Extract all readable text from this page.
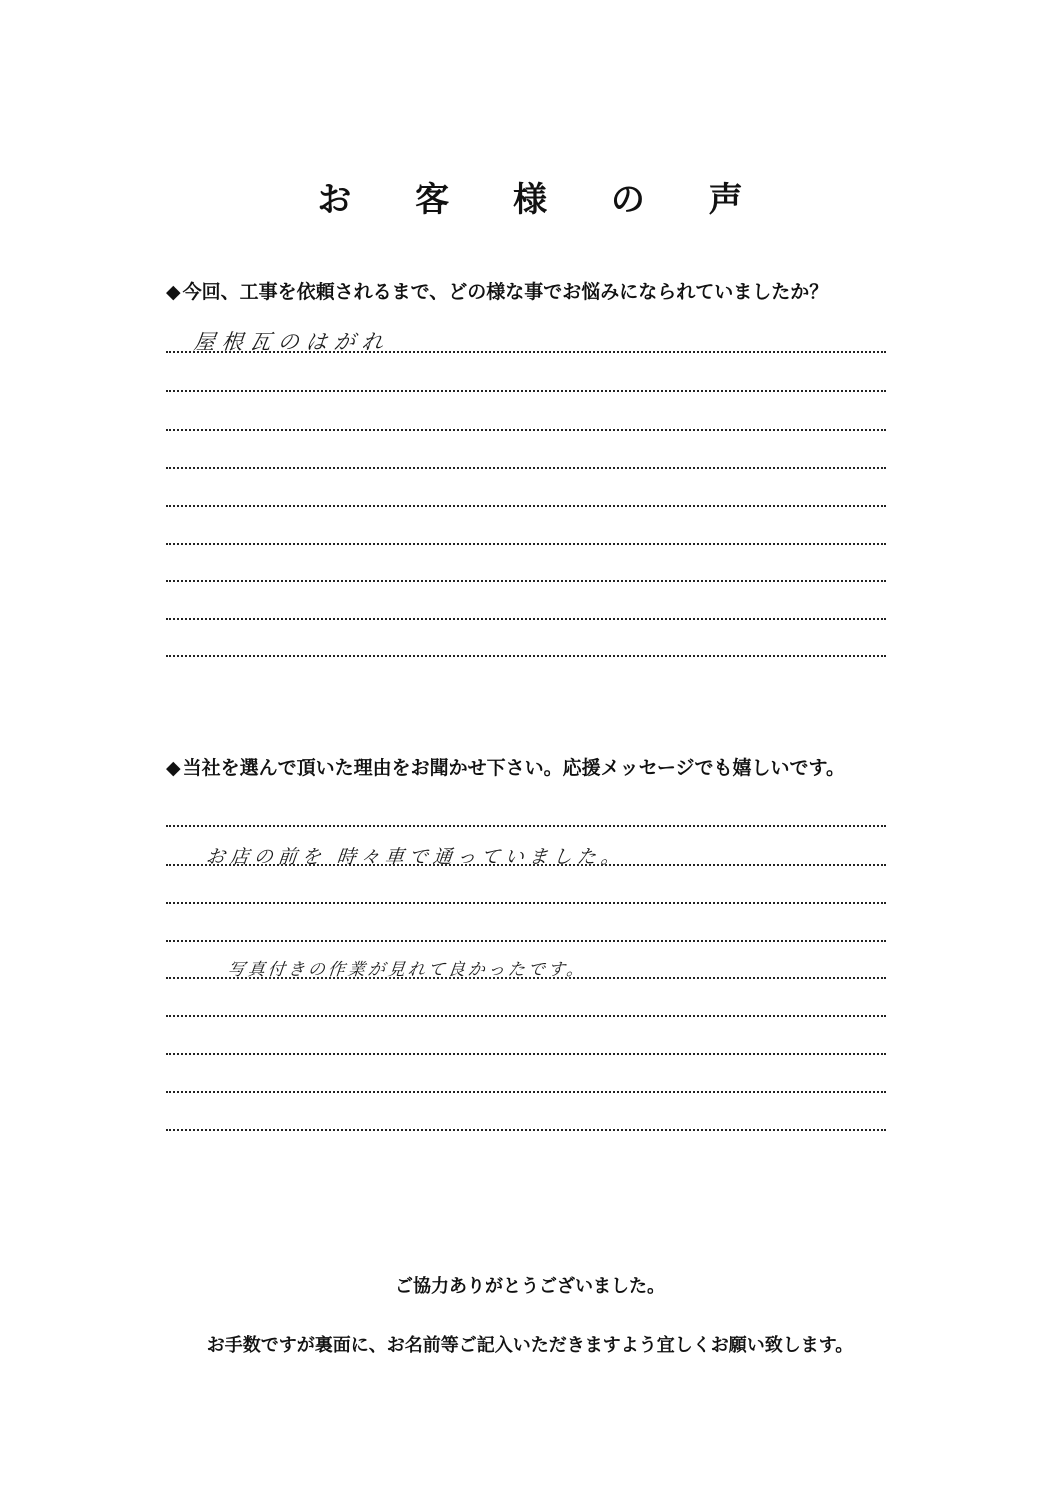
お 客 様 の 声
◆ 今回、工事を依頼されるまで、どの様な事でお悩みになられていましたか？
屋根瓦のはがれ
◆ 当社を選んで頂いた理由をお聞かせ下さい。応援メッセージでも嬉しいです。
お店の前を 時々車で通っていました。
写真付きの作業が見れて良かったです。
ご協力ありがとうございました。
お手数ですが裏面に、お名前等ご記入いただきますよう宜しくお願い致します。
